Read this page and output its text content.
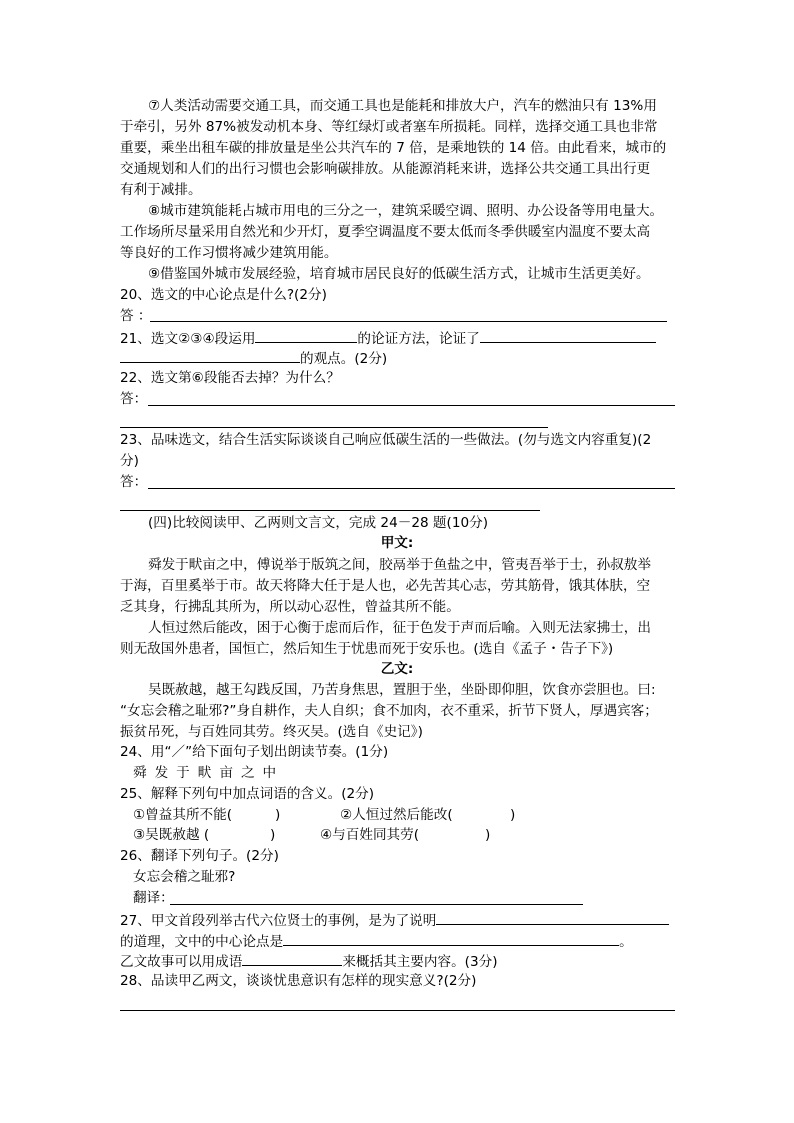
⑦人类活动需要交通工具，而交通工具也是能耗和排放大户，汽车的燃油只有 13%用
于牵引，另外 87%被发动机本身、等红绿灯或者塞车所损耗。同样，选择交通工具也非常
重要，乘坐出租车碳的排放量是坐公共汽车的 7 倍，是乘地铁的 14 倍。由此看来，城市的
交通规划和人们的出行习惯也会影响碳排放。从能源消耗来讲，选择公共交通工具出行更
有利于减排。
⑧城市建筑能耗占城市用电的三分之一，建筑采暖空调、照明、办公设备等用电量大。
工作场所尽量采用自然光和少开灯，夏季空调温度不要太低而冬季供暖室内温度不要太高
等良好的工作习惯将减少建筑用能。
⑨借鉴国外城市发展经验，培育城市居民良好的低碳生活方式，让城市生活更美好。
20、选文的中心论点是什么?(2分)
答 ：
21、选文②③④段运用	的论证方法，论证了
的观点。(2分)
22、选文第⑥段能否去掉？为什么？
答：
23、品味选文，结合生活实际谈谈自己响应低碳生活的一些做法。(勿与选文内容重复)(2
分)
答：
(四)比较阅读甲、乙两则文言文，完成 24－28 题(10分)
甲文:
舜发于畎亩之中，傅说举于版筑之间，胶鬲举于鱼盐之中，管夷吾举于士，孙叔敖举
于海，百里奚举于市。故天将降大任于是人也，必先苦其心志，劳其筋骨，饿其体肤，空
乏其身，行拂乱其所为，所以动心忍性，曾益其所不能。
人恒过然后能改，困于心衡于虑而后作，征于色发于声而后喻。入则无法家拂士，出
则无敌国外患者，国恒亡，然后知生于忧患而死于安乐也。(选自《孟子・告子下》)
乙文:
吴既赦越，越王勾践反国，乃苦身焦思，置胆于坐，坐卧即仰胆，饮食亦尝胆也。曰:
“女忘会稽之耻邪?”身自耕作，夫人自织；食不加肉，衣不重采，折节下贤人，厚遇宾客；
振贫吊死，与百姓同其劳。终灭吴。(选自《史记》)
24、用“／”给下面句子划出朗读节奏。(1分)
舜发于畎亩之中
25、解释下列句中加点词语的含义。(2分)
①曾益其所不能(	)	②人恒过然后能改(	)
③吴既赦越 (	)	④与百姓同其劳(	)
26、翻译下列句子。(2分)
女忘会稽之耻邪?
翻译：
27、甲文首段列举古代六位贤士的事例，是为了说明
的道理，文中的中心论点是	。
乙文故事可以用成语	来概括其主要内容。(3分)
28、品读甲乙两文，谈谈忧患意识有怎样的现实意义?(2分)
